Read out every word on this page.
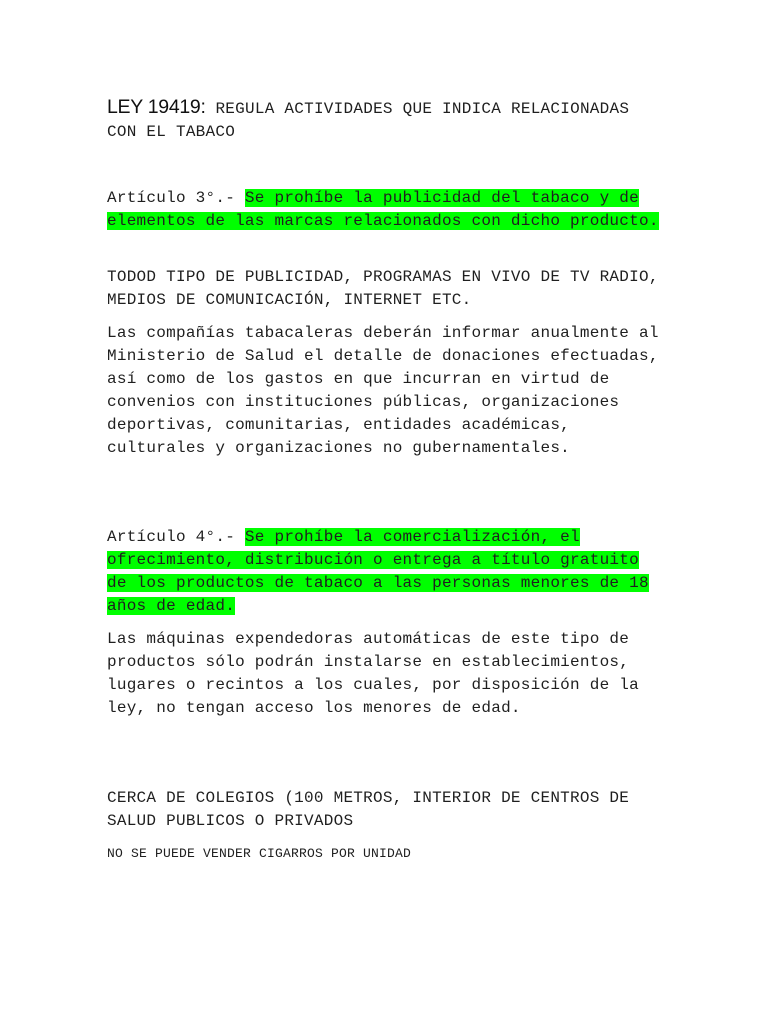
LEY 19419: REGULA ACTIVIDADES QUE INDICA RELACIONADAS CON EL TABACO

Artículo 3°.- Se prohíbe la publicidad del tabaco y de elementos de las marcas relacionados con dicho producto.

TODOD TIPO DE PUBLICIDAD, PROGRAMAS EN VIVO DE TV RADIO, MEDIOS DE COMUNICACIÓN, INTERNET ETC.

Las compañías tabacaleras deberán informar anualmente al Ministerio de Salud el detalle de donaciones efectuadas, así como de los gastos en que incurran en virtud de convenios con instituciones públicas, organizaciones deportivas, comunitarias, entidades académicas, culturales y organizaciones no gubernamentales.

Artículo 4°.- Se prohíbe la comercialización, el ofrecimiento, distribución o entrega a título gratuito de los productos de tabaco a las personas menores de 18 años de edad.

Las máquinas expendedoras automáticas de este tipo de productos sólo podrán instalarse en establecimientos, lugares o recintos a los cuales, por disposición de la ley, no tengan acceso los menores de edad.

CERCA DE COLEGIOS (100 METROS, INTERIOR DE CENTROS DE SALUD PUBLICOS O PRIVADOS

NO SE PUEDE VENDER CIGARROS POR UNIDAD
